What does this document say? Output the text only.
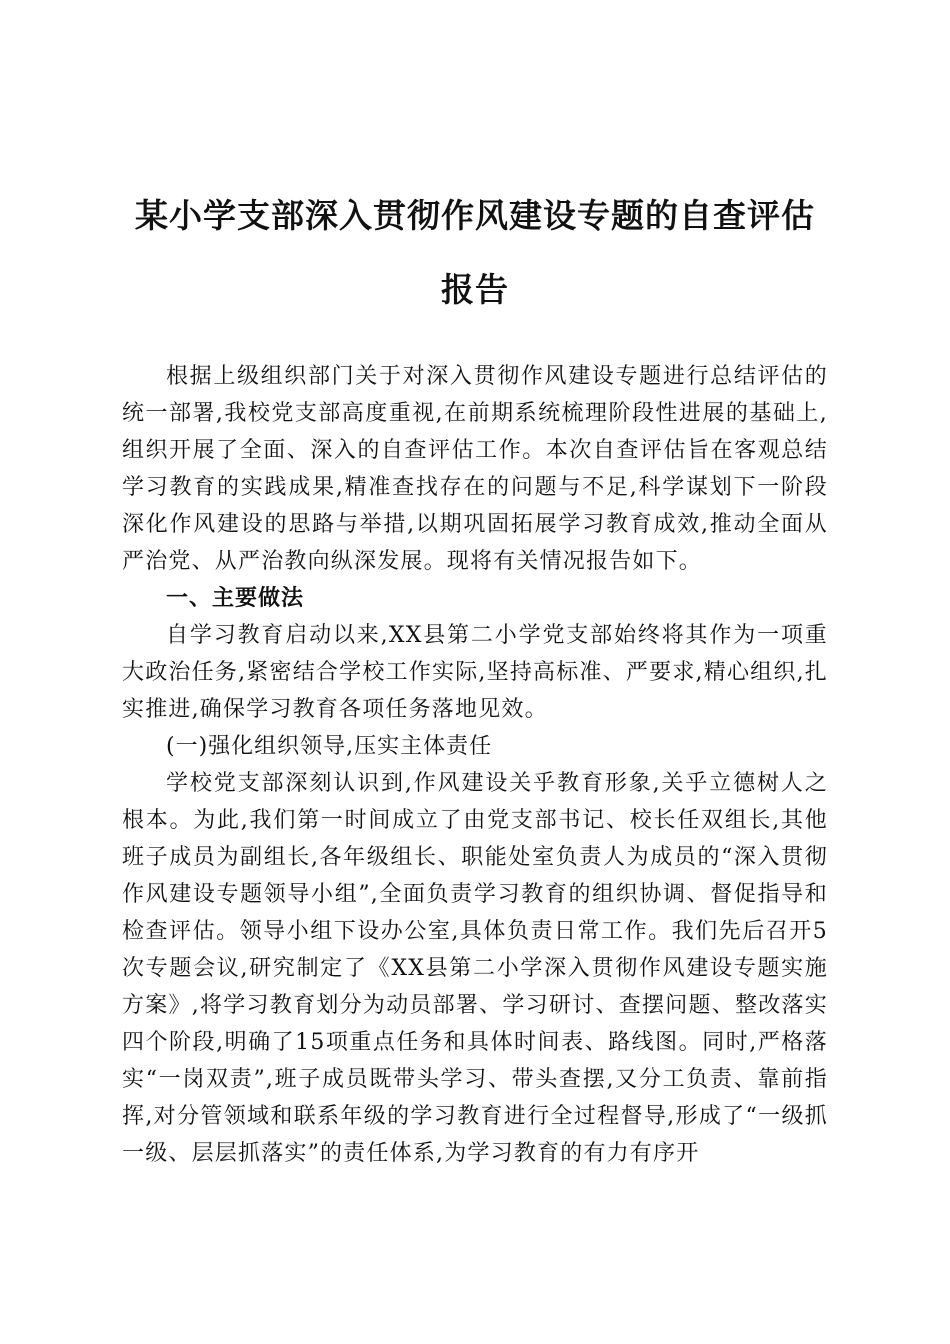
某小学支部深入贯彻作风建设专题的自查评估
报告

根据上级组织部门关于对深入贯彻作风建设专题进行总结评估的统一部署,我校党支部高度重视,在前期系统梳理阶段性进展的基础上,组织开展了全面、深入的自查评估工作。本次自查评估旨在客观总结学习教育的实践成果,精准查找存在的问题与不足,科学谋划下一阶段深化作风建设的思路与举措,以期巩固拓展学习教育成效,推动全面从严治党、从严治教向纵深发展。现将有关情况报告如下。

一、主要做法

自学习教育启动以来,XX县第二小学党支部始终将其作为一项重大政治任务,紧密结合学校工作实际,坚持高标准、严要求,精心组织,扎实推进,确保学习教育各项任务落地见效。

(一)强化组织领导,压实主体责任

学校党支部深刻认识到,作风建设关乎教育形象,关乎立德树人之根本。为此,我们第一时间成立了由党支部书记、校长任双组长,其他班子成员为副组长,各年级组长、职能处室负责人为成员的“深入贯彻作风建设专题领导小组”,全面负责学习教育的组织协调、督促指导和检查评估。领导小组下设办公室,具体负责日常工作。我们先后召开5次专题会议,研究制定了《XX县第二小学深入贯彻作风建设专题实施方案》,将学习教育划分为动员部署、学习研讨、查摆问题、整改落实四个阶段,明确了15项重点任务和具体时间表、路线图。同时,严格落实“一岗双责”,班子成员既带头学习、带头查摆,又分工负责、靠前指挥,对分管领域和联系年级的学习教育进行全过程督导,形成了“一级抓一级、层层抓落实”的责任体系,为学习教育的有力有序开
